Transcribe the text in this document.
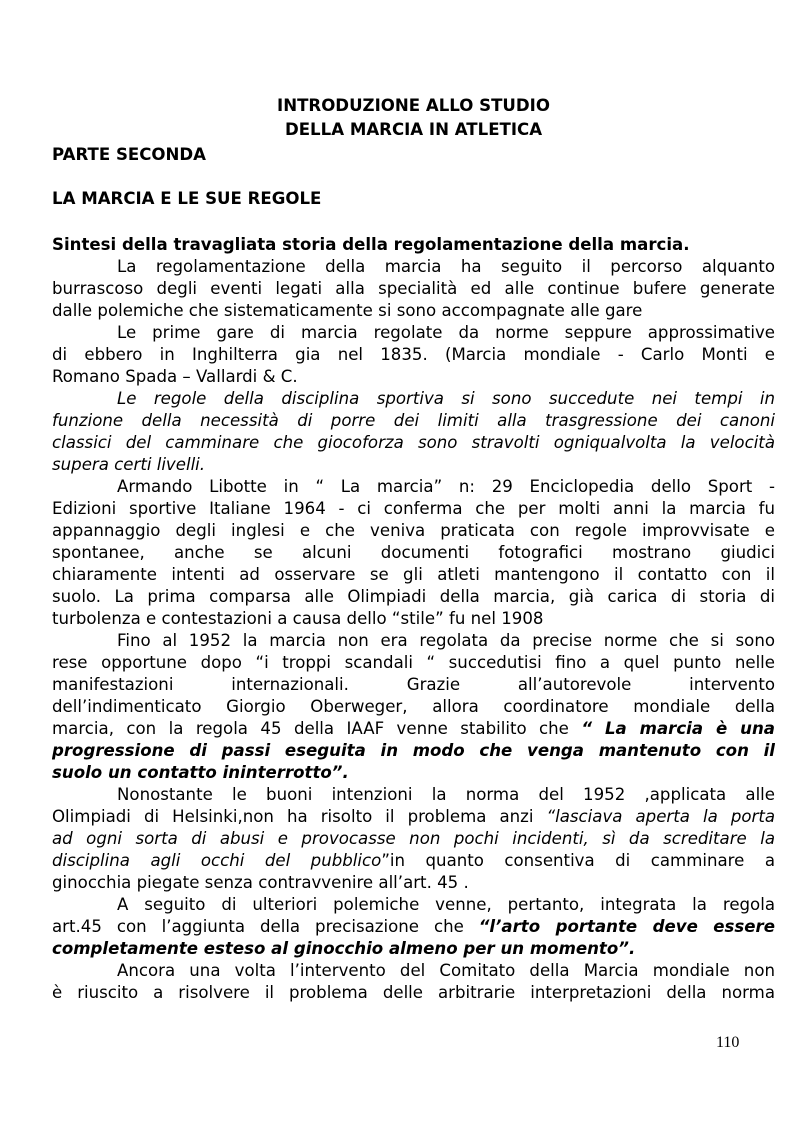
INTRODUZIONE ALLO STUDIO
DELLA MARCIA IN ATLETICA
PARTE SECONDA
LA MARCIA E LE SUE REGOLE
Sintesi della travagliata storia della regolamentazione della marcia.
La regolamentazione della marcia ha seguito il percorso alquanto
burrascoso degli eventi legati alla specialità ed alle continue bufere generate
dalle polemiche che sistematicamente si sono accompagnate alle gare
Le prime gare di marcia regolate da norme seppure approssimative
di ebbero in Inghilterra gia nel 1835. (Marcia mondiale - Carlo Monti e
Romano Spada – Vallardi & C.
Le regole della disciplina sportiva si sono succedute nei tempi in
funzione della necessità di porre dei limiti alla trasgressione dei canoni
classici del camminare che giocoforza sono stravolti ogniqualvolta la velocità
supera certi livelli.
Armando Libotte in “ La marcia” n: 29 Enciclopedia dello Sport -
Edizioni sportive Italiane 1964 - ci conferma che per molti anni la marcia fu
appannaggio degli inglesi e che veniva praticata con regole improvvisate e
spontanee, anche se alcuni documenti fotografici mostrano giudici
chiaramente intenti ad osservare se gli atleti mantengono il contatto con il
suolo. La prima comparsa alle Olimpiadi della marcia, già carica di storia di
turbolenza e contestazioni a causa dello “stile” fu nel 1908
Fino al 1952 la marcia non era regolata da precise norme che si sono
rese opportune dopo “i troppi scandali “ succedutisi fino a quel punto nelle
manifestazioni internazionali. Grazie all’autorevole intervento
dell’indimenticato Giorgio Oberweger, allora coordinatore mondiale della
marcia, con la regola 45 della IAAF venne stabilito che “ La marcia è una
progressione di passi eseguita in modo che venga mantenuto con il
suolo un contatto ininterrotto”.
Nonostante le buoni intenzioni la norma del 1952 ,applicata alle
Olimpiadi di Helsinki,non ha risolto il problema anzi “lasciava aperta la porta
ad ogni sorta di abusi e provocasse non pochi incidenti, sì da screditare la
disciplina agli occhi del pubblico”in quanto consentiva di camminare a
ginocchia piegate senza contravvenire all’art. 45 .
A seguito di ulteriori polemiche venne, pertanto, integrata la regola
art.45 con l’aggiunta della precisazione che “l’arto portante deve essere
completamente esteso al ginocchio almeno per un momento”.
Ancora una volta l’intervento del Comitato della Marcia mondiale non
è riuscito a risolvere il problema delle arbitrarie interpretazioni della norma
110
